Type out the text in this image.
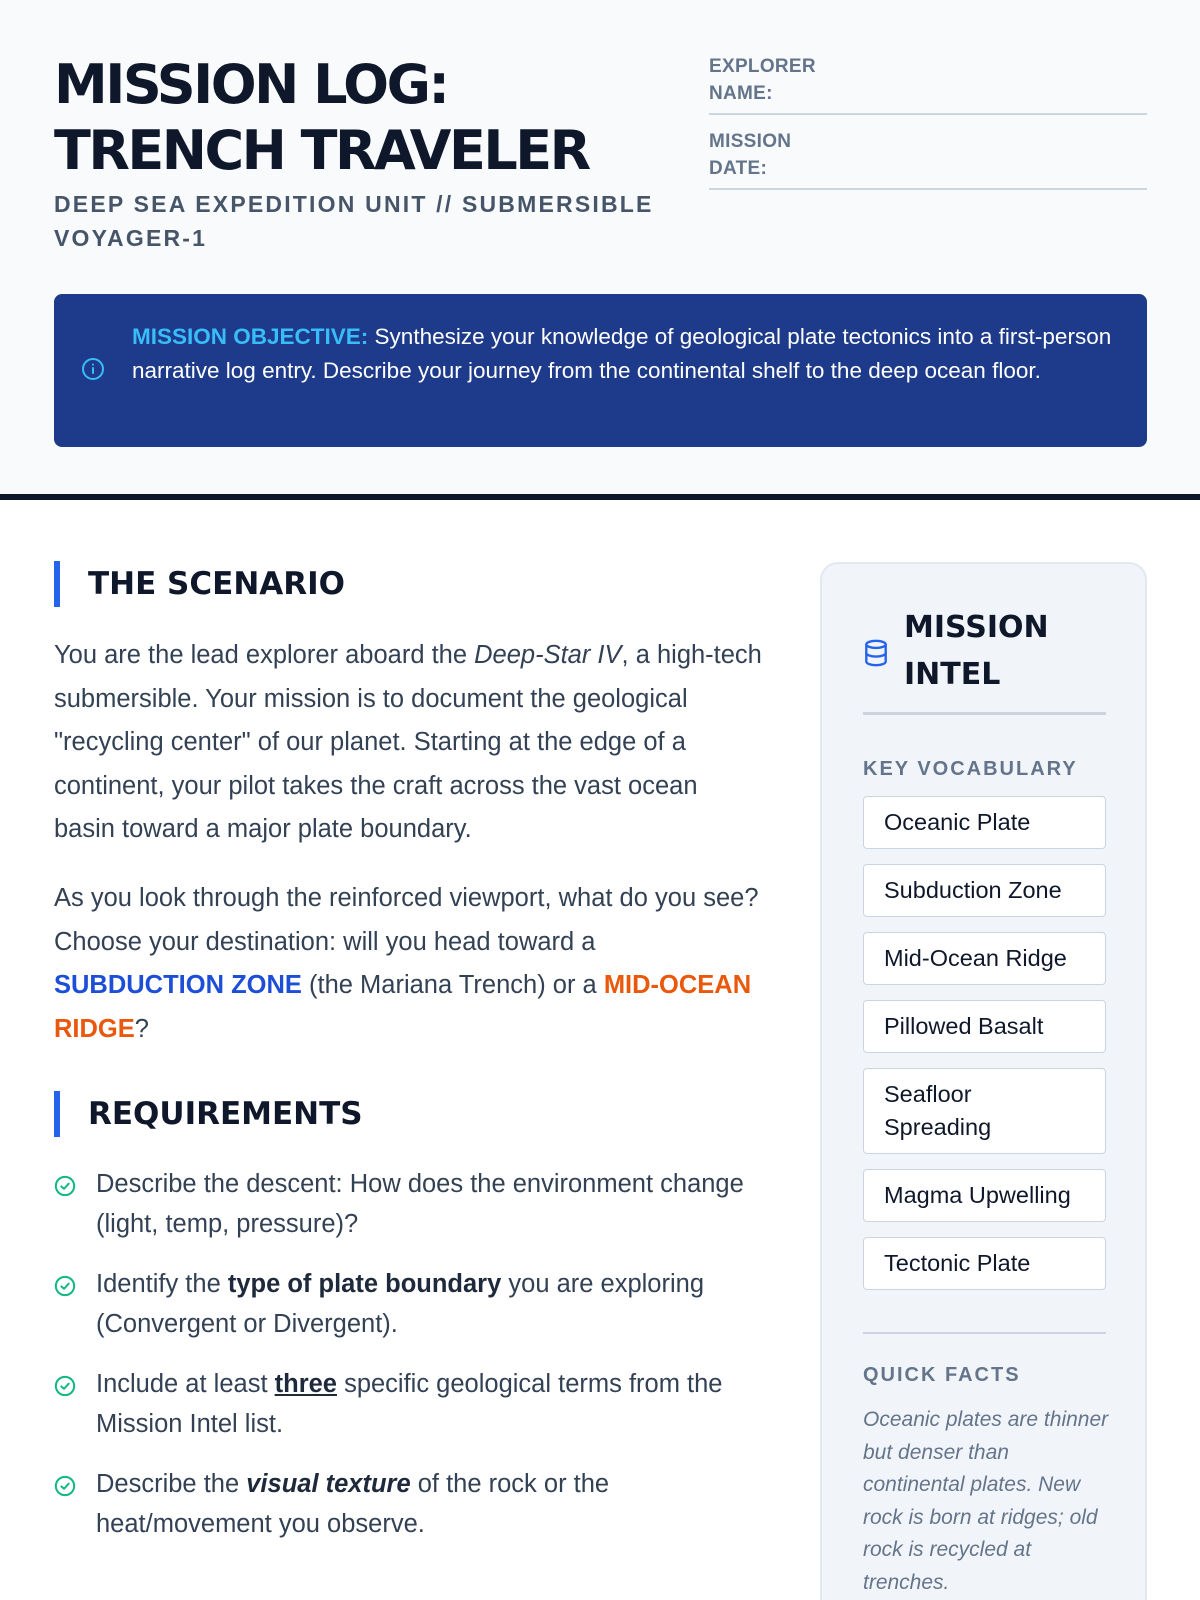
MISSION LOG:
TRENCH TRAVELER
DEEP SEA EXPEDITION UNIT // SUBMERSIBLE VOYAGER-1
EXPLORER NAME:
MISSION DATE:
MISSION OBJECTIVE: Synthesize your knowledge of geological plate tectonics into a first-person narrative log entry. Describe your journey from the continental shelf to the deep ocean floor.
THE SCENARIO

You are the lead explorer aboard the Deep-Star IV, a high-tech submersible. Your mission is to document the geological "recycling center" of our planet. Starting at the edge of a continent, your pilot takes the craft across the vast ocean basin toward a major plate boundary.

As you look through the reinforced viewport, what do you see? Choose your destination: will you head toward a SUBDUCTION ZONE (the Mariana Trench) or a MID-OCEAN RIDGE?

REQUIREMENTS
Describe the descent: How does the environment change (light, temp, pressure)?
Identify the type of plate boundary you are exploring (Convergent or Divergent).
Include at least three specific geological terms from the Mission Intel list.
Describe the visual texture of the rock or the heat/movement you observe.
MISSION INTEL
KEY VOCABULARY
Oceanic Plate
Subduction Zone
Mid-Ocean Ridge
Pillowed Basalt
Seafloor Spreading
Magma Upwelling
Tectonic Plate
QUICK FACTS

Oceanic plates are thinner but denser than continental plates. New rock is born at ridges; old rock is recycled at trenches.
